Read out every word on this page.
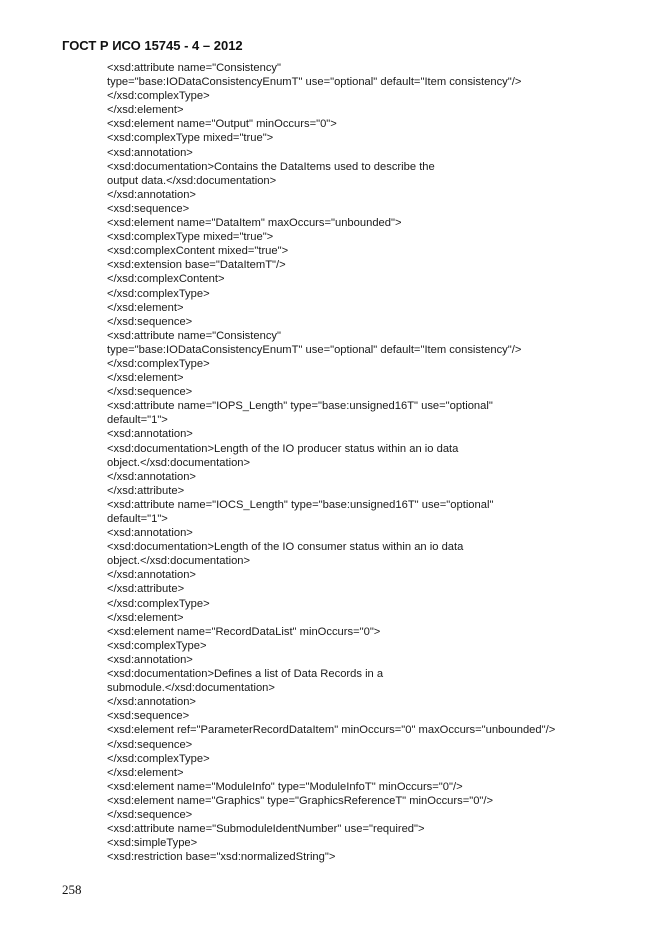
ГОСТ Р ИСО 15745 - 4 – 2012
<xsd:attribute name="Consistency"
type="base:IODataConsistencyEnumT" use="optional" default="Item consistency"/>
</xsd:complexType>
</xsd:element>
<xsd:element name="Output" minOccurs="0">
<xsd:complexType mixed="true">
<xsd:annotation>
<xsd:documentation>Contains the DataItems used to describe the
output data.</xsd:documentation>
</xsd:annotation>
<xsd:sequence>
<xsd:element name="DataItem" maxOccurs="unbounded">
<xsd:complexType mixed="true">
<xsd:complexContent mixed="true">
<xsd:extension base="DataItemT"/>
</xsd:complexContent>
</xsd:complexType>
</xsd:element>
</xsd:sequence>
<xsd:attribute name="Consistency"
type="base:IODataConsistencyEnumT" use="optional" default="Item consistency"/>
</xsd:complexType>
</xsd:element>
</xsd:sequence>
<xsd:attribute name="IOPS_Length" type="base:unsigned16T" use="optional"
default="1">
<xsd:annotation>
<xsd:documentation>Length of the IO producer status within an io data
object.</xsd:documentation>
</xsd:annotation>
</xsd:attribute>
<xsd:attribute name="IOCS_Length" type="base:unsigned16T" use="optional"
default="1">
<xsd:annotation>
<xsd:documentation>Length of the IO consumer status within an io data
object.</xsd:documentation>
</xsd:annotation>
</xsd:attribute>
</xsd:complexType>
</xsd:element>
<xsd:element name="RecordDataList" minOccurs="0">
<xsd:complexType>
<xsd:annotation>
<xsd:documentation>Defines a list of Data Records in a
submodule.</xsd:documentation>
</xsd:annotation>
<xsd:sequence>
<xsd:element ref="ParameterRecordDataItem" minOccurs="0" maxOccurs="unbounded"/>
</xsd:sequence>
</xsd:complexType>
</xsd:element>
<xsd:element name="ModuleInfo" type="ModuleInfoT" minOccurs="0"/>
<xsd:element name="Graphics" type="GraphicsReferenceT" minOccurs="0"/>
</xsd:sequence>
<xsd:attribute name="SubmoduleIdentNumber" use="required">
<xsd:simpleType>
<xsd:restriction base="xsd:normalizedString">
258
